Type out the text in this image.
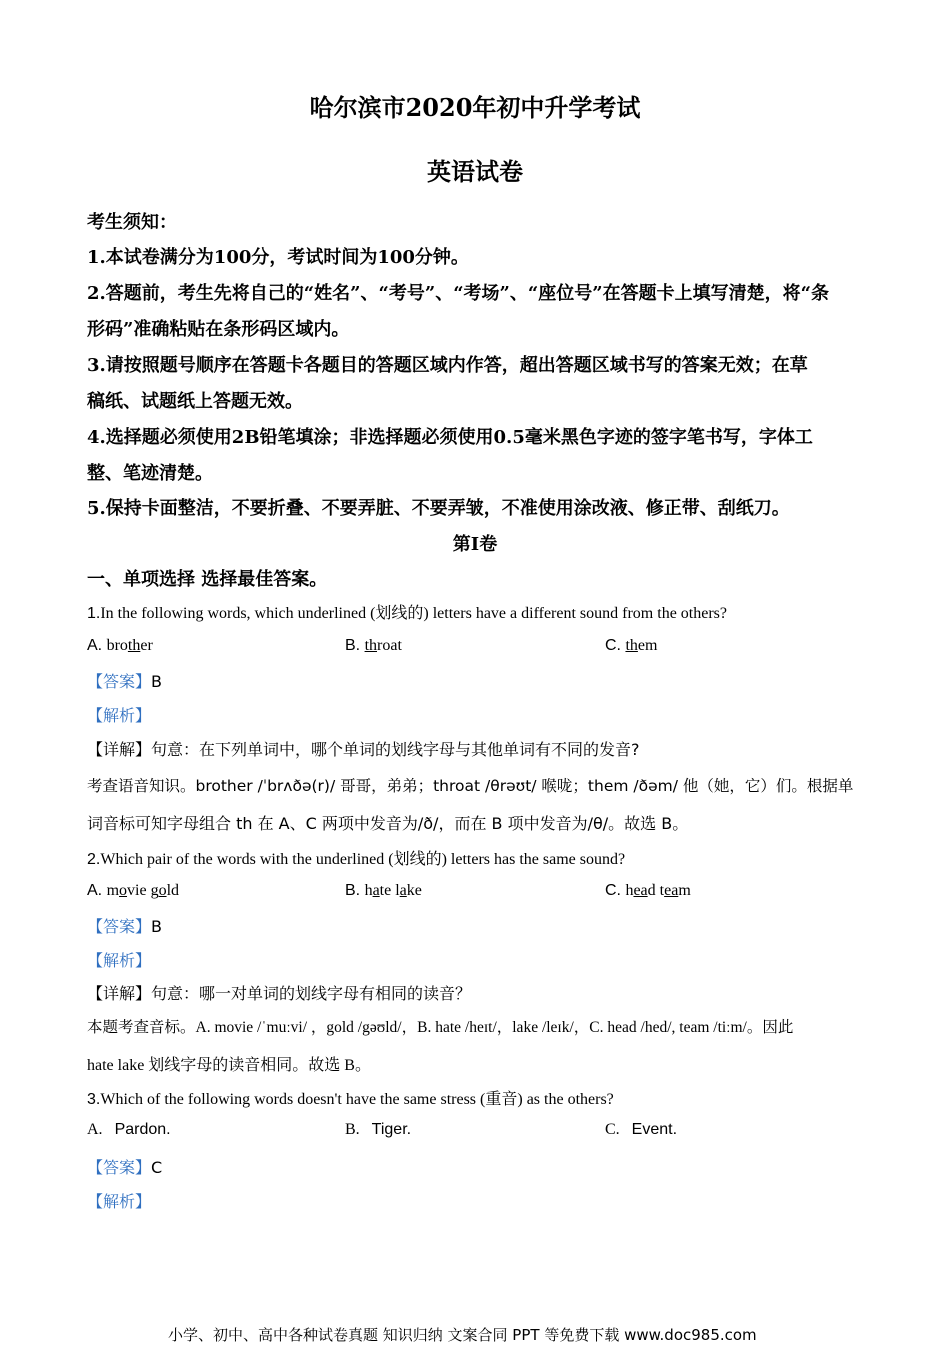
哈尔滨市2020年初中升学考试
英语试卷
考生须知：
1.本试卷满分为100分，考试时间为100分钟。
2.答题前，考生先将自己的“姓名”、“考号”、“考场”、“座位号”在答题卡上填写清楚，将“条
形码”准确粘贴在条形码区域内。
3.请按照题号顺序在答题卡各题目的答题区域内作答，超出答题区域书写的答案无效；在草
稿纸、试题纸上答题无效。
4.选择题必须使用2B铅笔填涂；非选择题必须使用0.5毫米黑色字迹的签字笔书写，字体工
整、笔迹清楚。
5.保持卡面整洁，不要折叠、不要弄脏、不要弄皱，不准使用涂改液、修正带、刮纸刀。
第Ⅰ卷
一、单项选择 选择最佳答案。
1.In the following words, which underlined (划线的) letters have a different sound from the others?
A. brother	B. throat	C. them
【答案】B
【解析】
【详解】句意：在下列单词中，哪个单词的划线字母与其他单词有不同的发音?
考查语音知识。brother /ˈbrʌðə(r)/ 哥哥，弟弟；throat /θrəʊt/ 喉咙；them /ðəm/ 他（她，它）们。根据单
词音标可知字母组合 th 在 A、C 两项中发音为/ð/，而在 B 项中发音为/θ/。故选 B。
2.Which pair of the words with the underlined (划线的) letters has the same sound?
A. movie gold	B. hate lake	C. head team
【答案】B
【解析】
【详解】句意：哪一对单词的划线字母有相同的读音？
本题考查音标。A. movie /ˈmuːvi/ ，gold /gəʊld/，B. hate /heɪt/，lake /leɪk/，C. head /hed/, team /tiːm/。因此
hate lake 划线字母的读音相同。故选 B。
3.Which of the following words doesn't have the same stress (重音) as the others?
A. Pardon.	B. Tiger.	C. Event.
【答案】C
【解析】
小学、初中、高中各种试卷真题 知识归纳 文案合同 PPT 等免费下载 www.doc985.com
